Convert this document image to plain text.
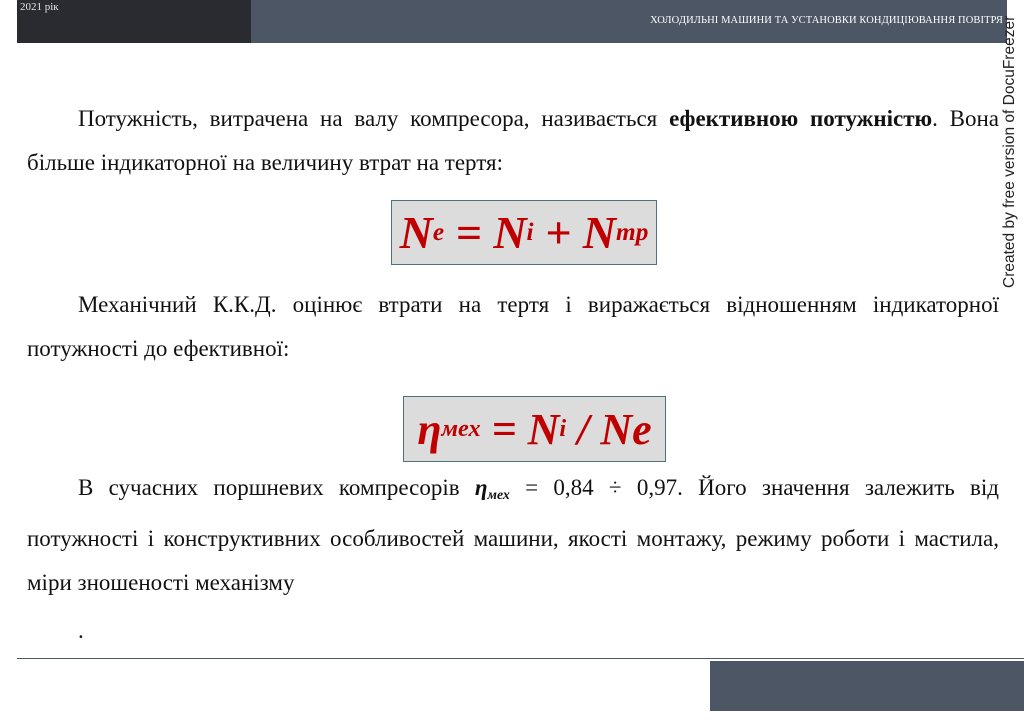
2021 рік
ХОЛОДИЛЬНІ МАШИНИ ТА УСТАНОВКИ КОНДИЦІЮВАННЯ ПОВІТРЯ
Created by free version of DocuFreezer
Потужність, витрачена на валу компресора, називається ефективною потужністю. Вона більше індикаторної на величину втрат на тертя:
N e = N i + N тр
Механічний К.К.Д. оцінює втрати на тертя і виражається відношенням індикаторної потужності до ефективної:
η мех = N i / Ne
В сучасних поршневих компресорів $\eta_{мех} = 0,84 \div 0,97$. Його значення залежить від потужності і конструктивних особливостей машини, якості монтажу, режиму роботи і мастила, міри зношеності механізму
.
